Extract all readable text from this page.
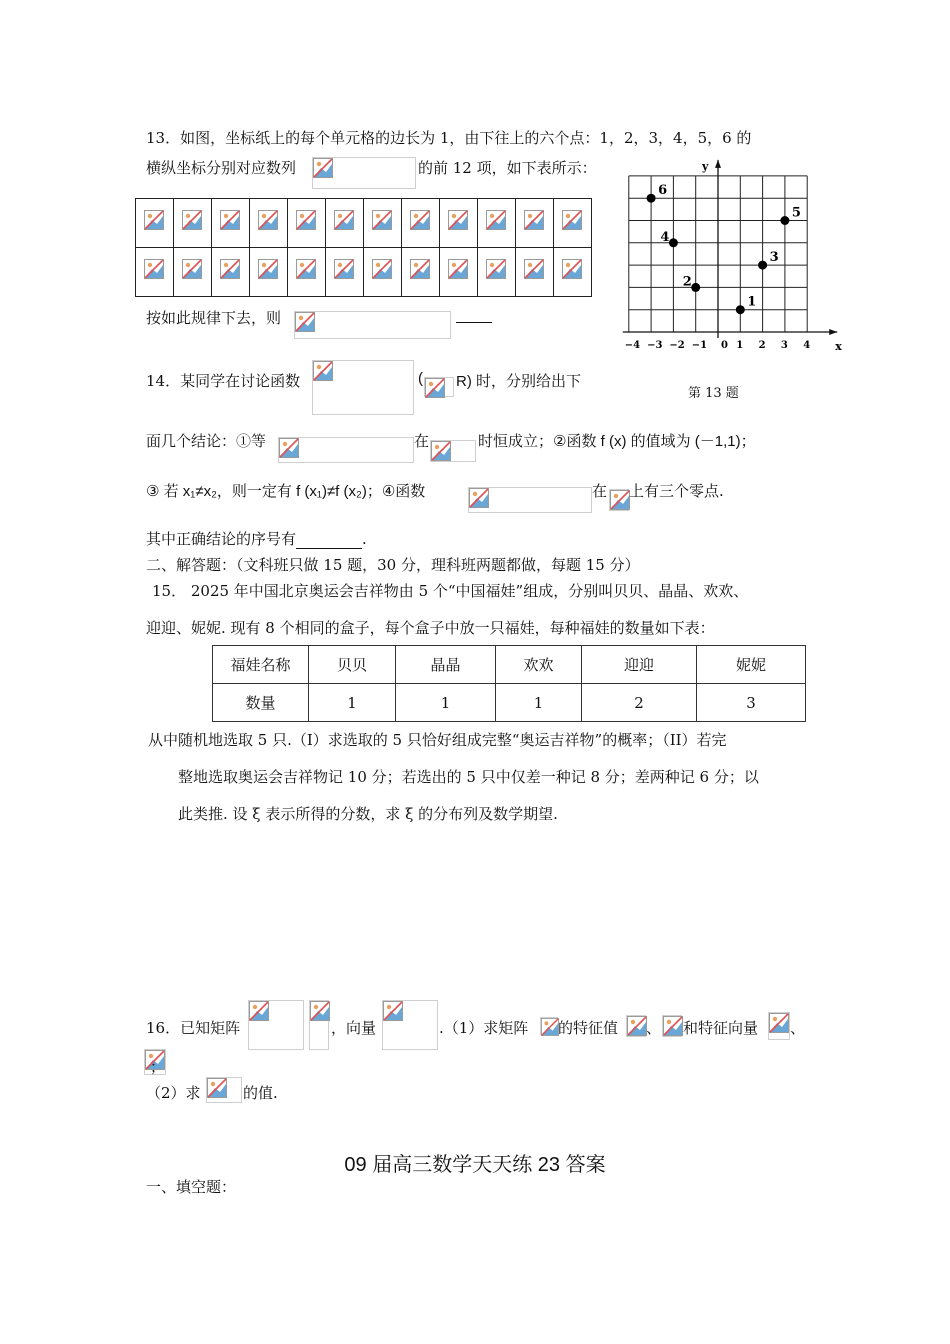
13．如图，坐标纸上的每个单元格的边长为 1，由下往上的六个点：1，2，3，4，5，6 的
横纵坐标分别对应数列	的前 12 项，如下表所示：

按如此规律下去，则
x
y
−4 −3 −2 −1 0 1 2 3 4
1
2
3
4
5
6
第 13 题
14．某同学在讨论函数	( R) 时，分别给出下
面几个结论：①等	在	时恒成立；②函数 f (x) 的值域为 (－1,1)；
③ 若 x₁≠x₂，则一定有 f (x₁)≠f (x₂)；④函数	在 上有三个零点.
其中正确结论的序号有	.
二、解答题：（文科班只做 15 题，30 分，理科班两题都做，每题 15 分）
15． 2025 年中国北京奥运会吉祥物由 5 个“中国福娃”组成，分别叫贝贝、晶晶、欢欢、
迎迎、妮妮. 现有 8 个相同的盒子，每个盒子中放一只福娃，每种福娃的数量如下表：
福娃名称	贝贝	晶晶	欢欢	迎迎	妮妮
数量	1	1	1	2	3
从中随机地选取 5 只.（I）求选取的 5 只恰好组成完整“奥运吉祥物”的概率；（II）若完
整地选取奥运会吉祥物记 10 分；若选出的 5 只中仅差一种记 8 分；差两种记 6 分；以
此类推. 设 ξ 表示所得的分数，求 ξ 的分布列及数学期望.
16．已知矩阵	，向量	.（1）求矩阵 的特征值 、 和特征向量 、
；
（2）求	的值.
09 届高三数学天天练 23 答案
一、填空题：
